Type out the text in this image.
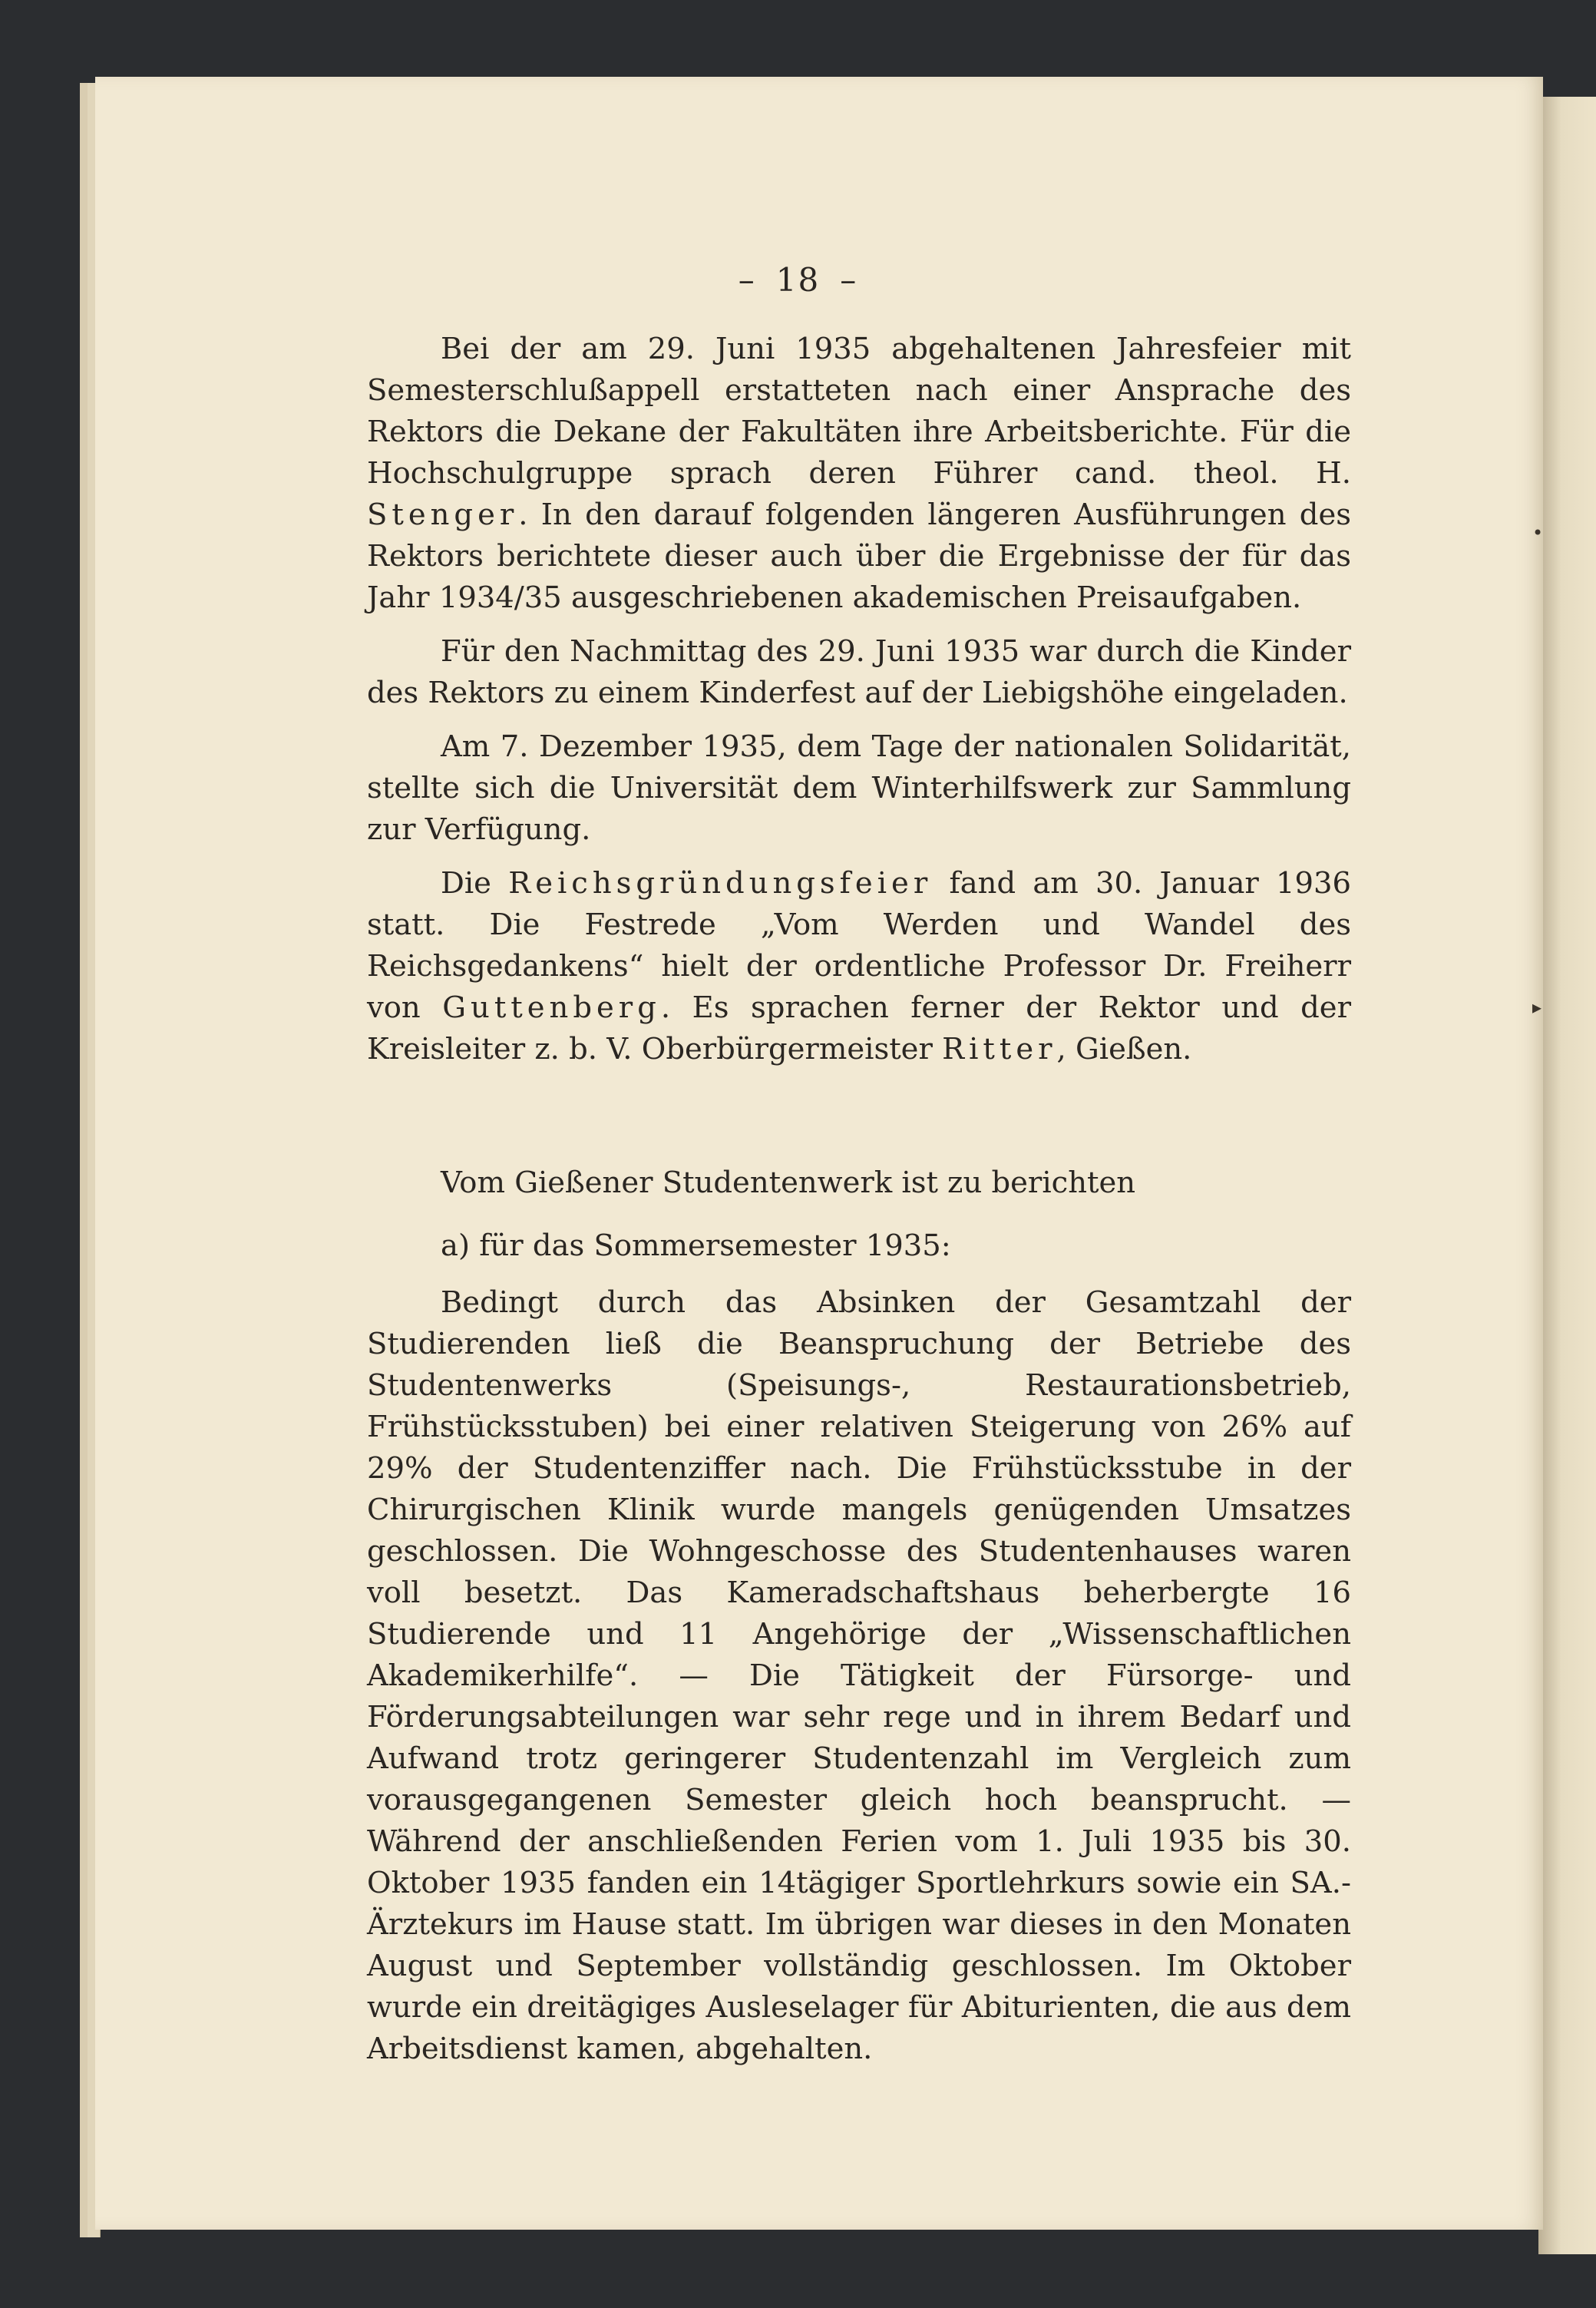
– 18 –

Bei der am 29. Juni 1935 abgehaltenen Jahresfeier mit Semesterschlußappell erstatteten nach einer Ansprache des Rektors die Dekane der Fakultäten ihre Arbeitsberichte. Für die Hochschulgruppe sprach deren Führer cand. theol. H. Stenger. In den darauf folgenden längeren Ausführungen des Rektors berichtete dieser auch über die Ergebnisse der für das Jahr 1934/35 ausgeschriebenen akademischen Preisaufgaben.

Für den Nachmittag des 29. Juni 1935 war durch die Kinder des Rektors zu einem Kinderfest auf der Liebigshöhe eingeladen.

Am 7. Dezember 1935, dem Tage der nationalen Solidarität, stellte sich die Universität dem Winterhilfswerk zur Sammlung zur Verfügung.

Die Reichsgründungsfeier fand am 30. Januar 1936 statt. Die Festrede „Vom Werden und Wandel des Reichsgedankens“ hielt der ordentliche Professor Dr. Freiherr von Guttenberg. Es sprachen ferner der Rektor und der Kreisleiter z. b. V. Oberbürgermeister Ritter, Gießen.

Vom Gießener Studentenwerk ist zu berichten

a) für das Sommersemester 1935:

Bedingt durch das Absinken der Gesamtzahl der Studierenden ließ die Beanspruchung der Betriebe des Studentenwerks (Speisungs-, Restaurationsbetrieb, Frühstücksstuben) bei einer relativen Steigerung von 26% auf 29% der Studentenziffer nach. Die Frühstücksstube in der Chirurgischen Klinik wurde mangels genügenden Umsatzes geschlossen. Die Wohngeschosse des Studentenhauses waren voll besetzt. Das Kameradschaftshaus beherbergte 16 Studierende und 11 Angehörige der „Wissenschaftlichen Akademikerhilfe“. — Die Tätigkeit der Fürsorge- und Förderungsabteilungen war sehr rege und in ihrem Bedarf und Aufwand trotz geringerer Studentenzahl im Vergleich zum vorausgegangenen Semester gleich hoch beansprucht. — Während der anschließenden Ferien vom 1. Juli 1935 bis 30. Oktober 1935 fanden ein 14tägiger Sportlehrkurs sowie ein SA.-Ärztekurs im Hause statt. Im übrigen war dieses in den Monaten August und September vollständig geschlossen. Im Oktober wurde ein dreitägiges Ausleselager für Abiturienten, die aus dem Arbeitsdienst kamen, abgehalten.

•
▸
